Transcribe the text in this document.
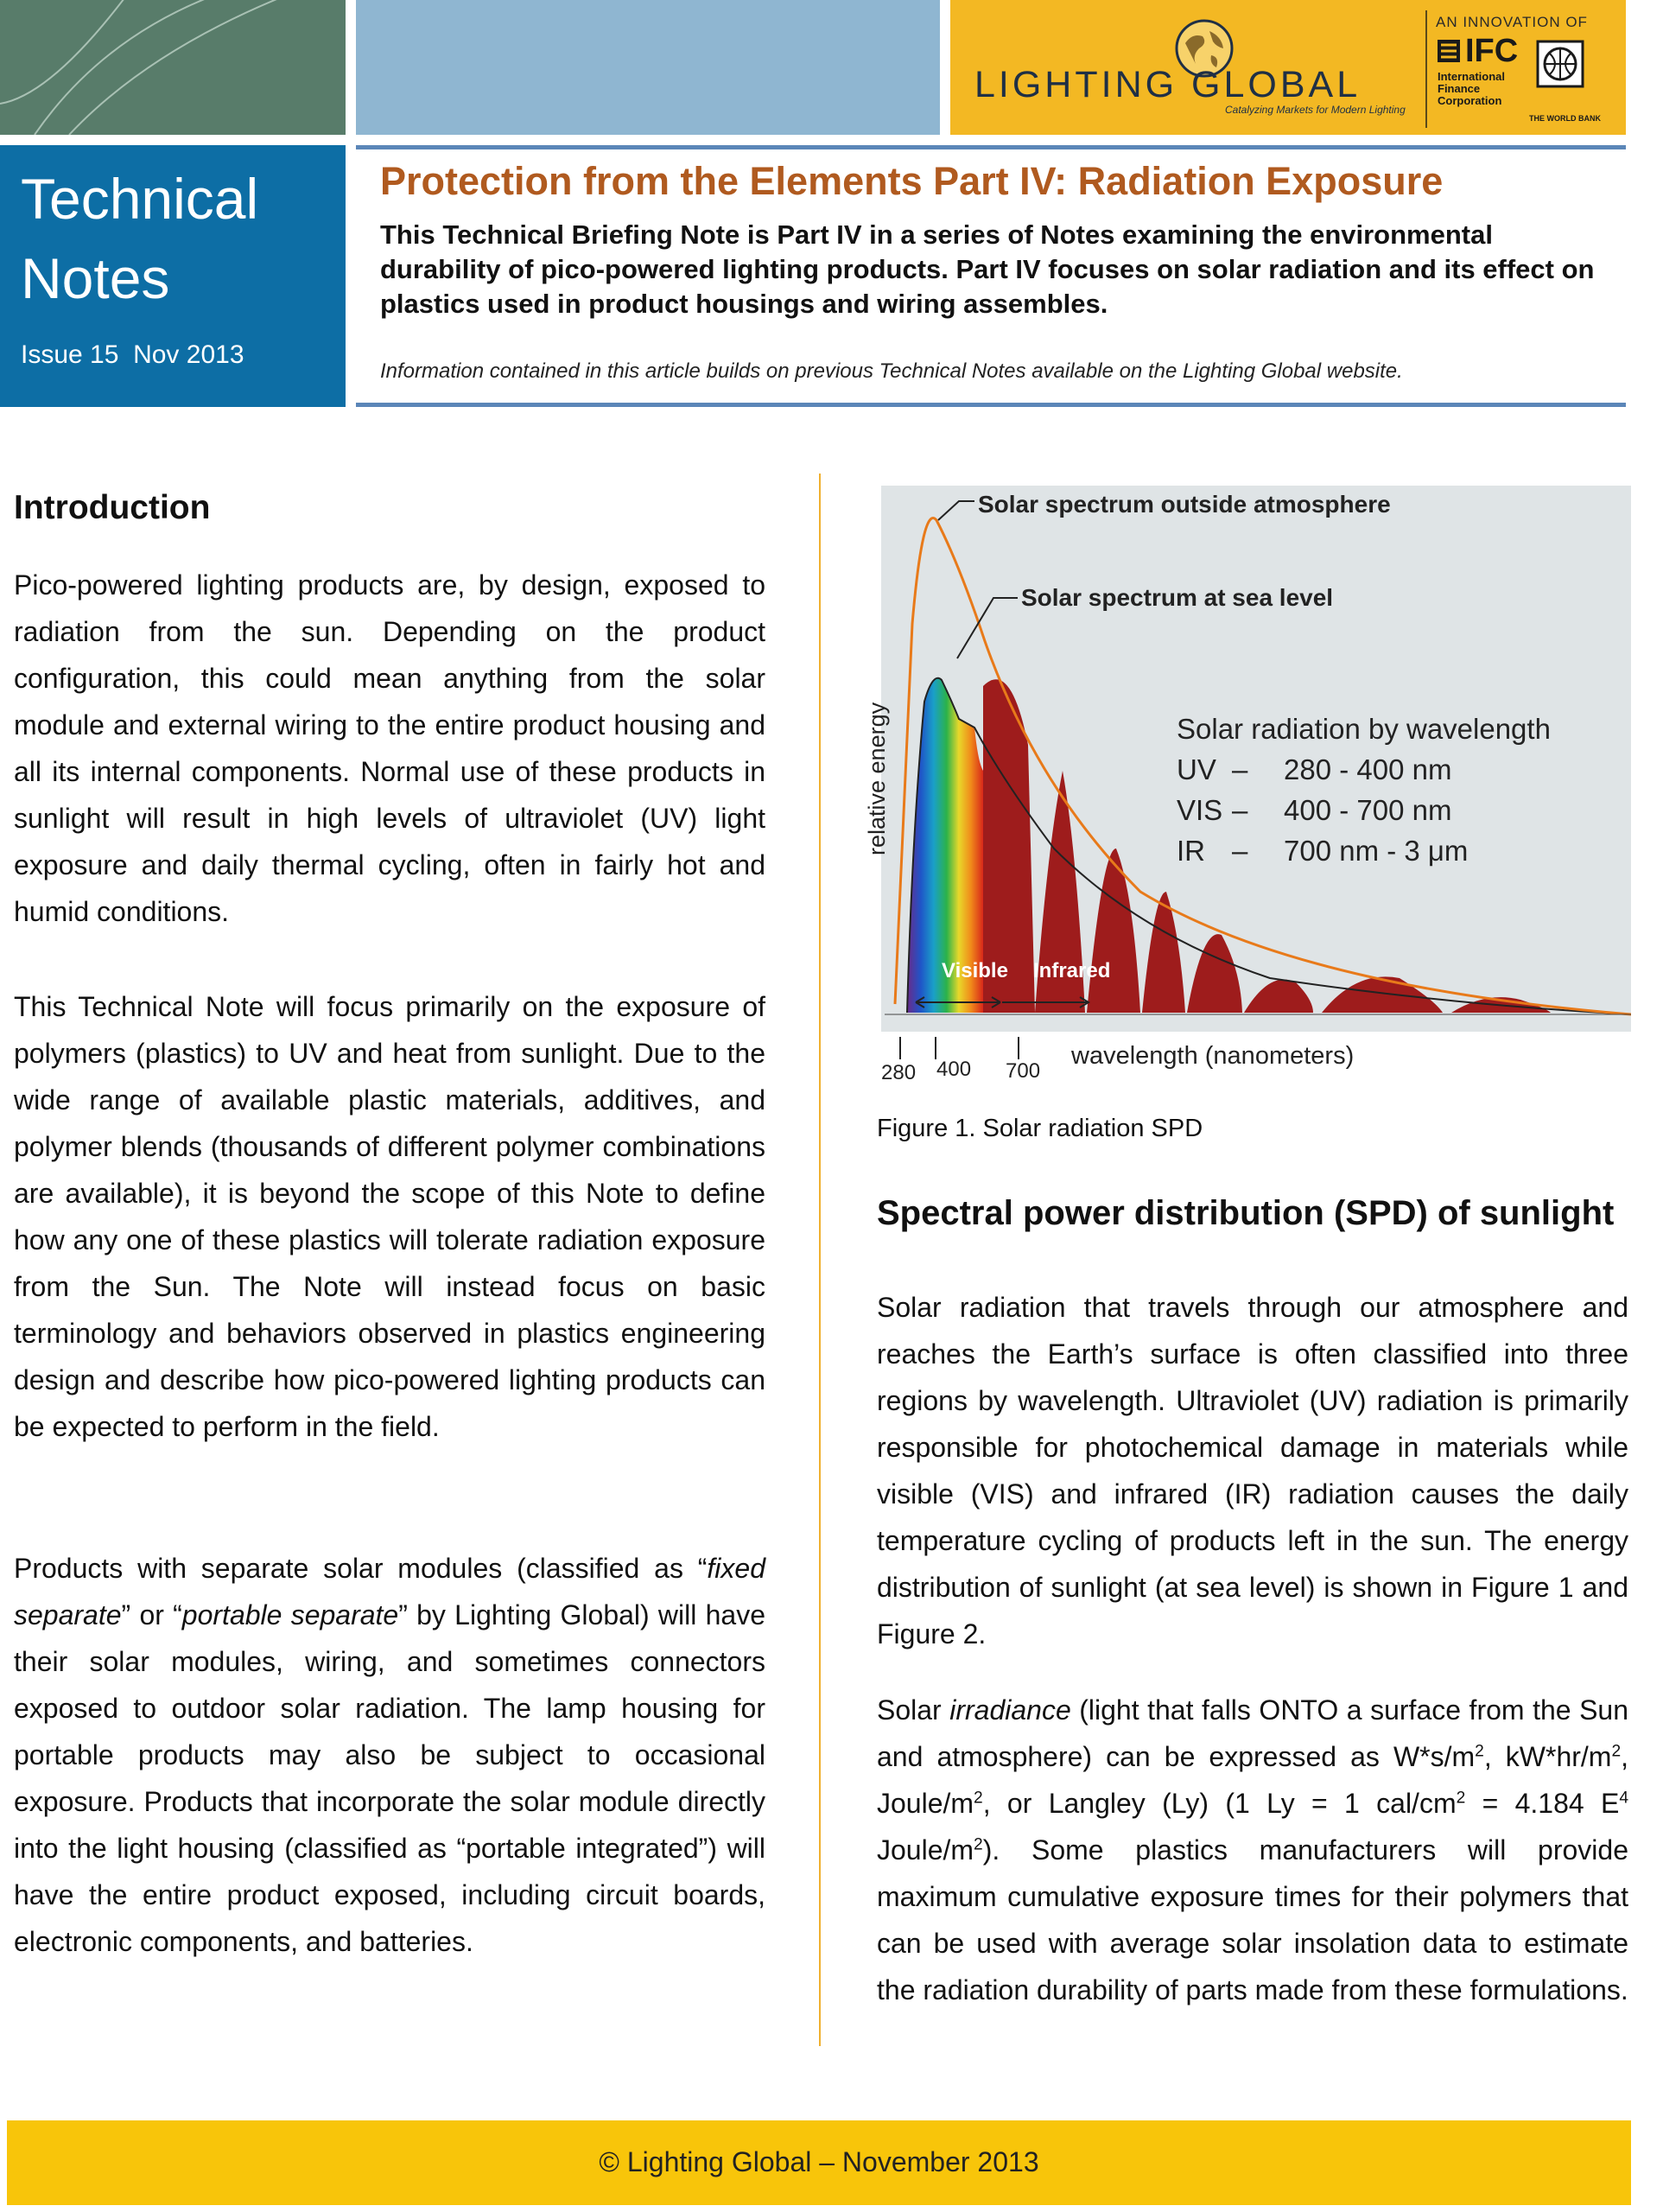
LIGHTING GLOBAL
Catalyzing Markets for Modern Lighting
AN INNOVATION OF
IFC
International Finance Corporation
THE WORLD BANK
Technical
Notes
Issue 15  Nov 2013
Protection from the Elements Part IV: Radiation Exposure
This Technical Briefing Note is Part IV in a series of Notes examining the environmental durability of pico-powered lighting products. Part IV focuses on solar radiation and its effect on plastics used in product housings and wiring assembles.
Information contained in this article builds on previous Technical Notes available on the Lighting Global website.
Introduction
Pico-powered lighting products are, by design, exposed to radiation from the sun. Depending on the product configuration, this could mean anything from the solar module and external wiring to the entire product housing and all its internal components. Normal use of these products in sunlight will result in high levels of ultraviolet (UV) light exposure and daily thermal cycling, often in fairly hot and humid conditions.
This Technical Note will focus primarily on the exposure of polymers (plastics) to UV and heat from sunlight. Due to the wide range of available plastic materials, additives, and polymer blends (thousands of different polymer combinations are available), it is beyond the scope of this Note to define how any one of these plastics will tolerate radiation exposure from the Sun. The Note will instead focus on basic terminology and behaviors observed in plastics engineering design and describe how pico-powered lighting products can be expected to perform in the field.
Products with separate solar modules (classified as “fixed separate” or “portable separate” by Lighting Global) will have their solar modules, wiring, and sometimes connectors exposed to outdoor solar radiation. The lamp housing for portable products may also be subject to occasional exposure. Products that incorporate the solar module directly into the light housing (classified as “portable integrated”) will have the entire product exposed, including circuit boards, electronic components, and batteries.
Solar spectrum outside atmosphere
Solar spectrum at sea level
Visible Infrared
Solar radiation by wavelength
UV – 280 - 400 nm
VIS – 400 - 700 nm
IR – 700 nm - 3 μm
relative energy
280 400 700
wavelength (nanometers)
Figure 1. Solar radiation SPD
Spectral power distribution (SPD) of sunlight
Solar radiation that travels through our atmosphere and reaches the Earth’s surface is often classified into three regions by wavelength. Ultraviolet (UV) radiation is primarily responsible for photochemical damage in materials while visible (VIS) and infrared (IR) radiation causes the daily temperature cycling of products left in the sun. The energy distribution of sunlight (at sea level) is shown in Figure 1 and Figure 2.
Solar irradiance (light that falls ONTO a surface from the Sun and atmosphere) can be expressed as $W*s/m^2$, $kW*hr/m^2$, Joule/$m^2$, or Langley (Ly) (1 Ly = 1 cal/$cm^2 = 4.184$ $E^4$ Joule/$m^2$). Some plastics manufacturers will provide maximum cumulative exposure times for their polymers that can be used with average solar insolation data to estimate the radiation durability of parts made from these formulations.
© Lighting Global – November 2013
